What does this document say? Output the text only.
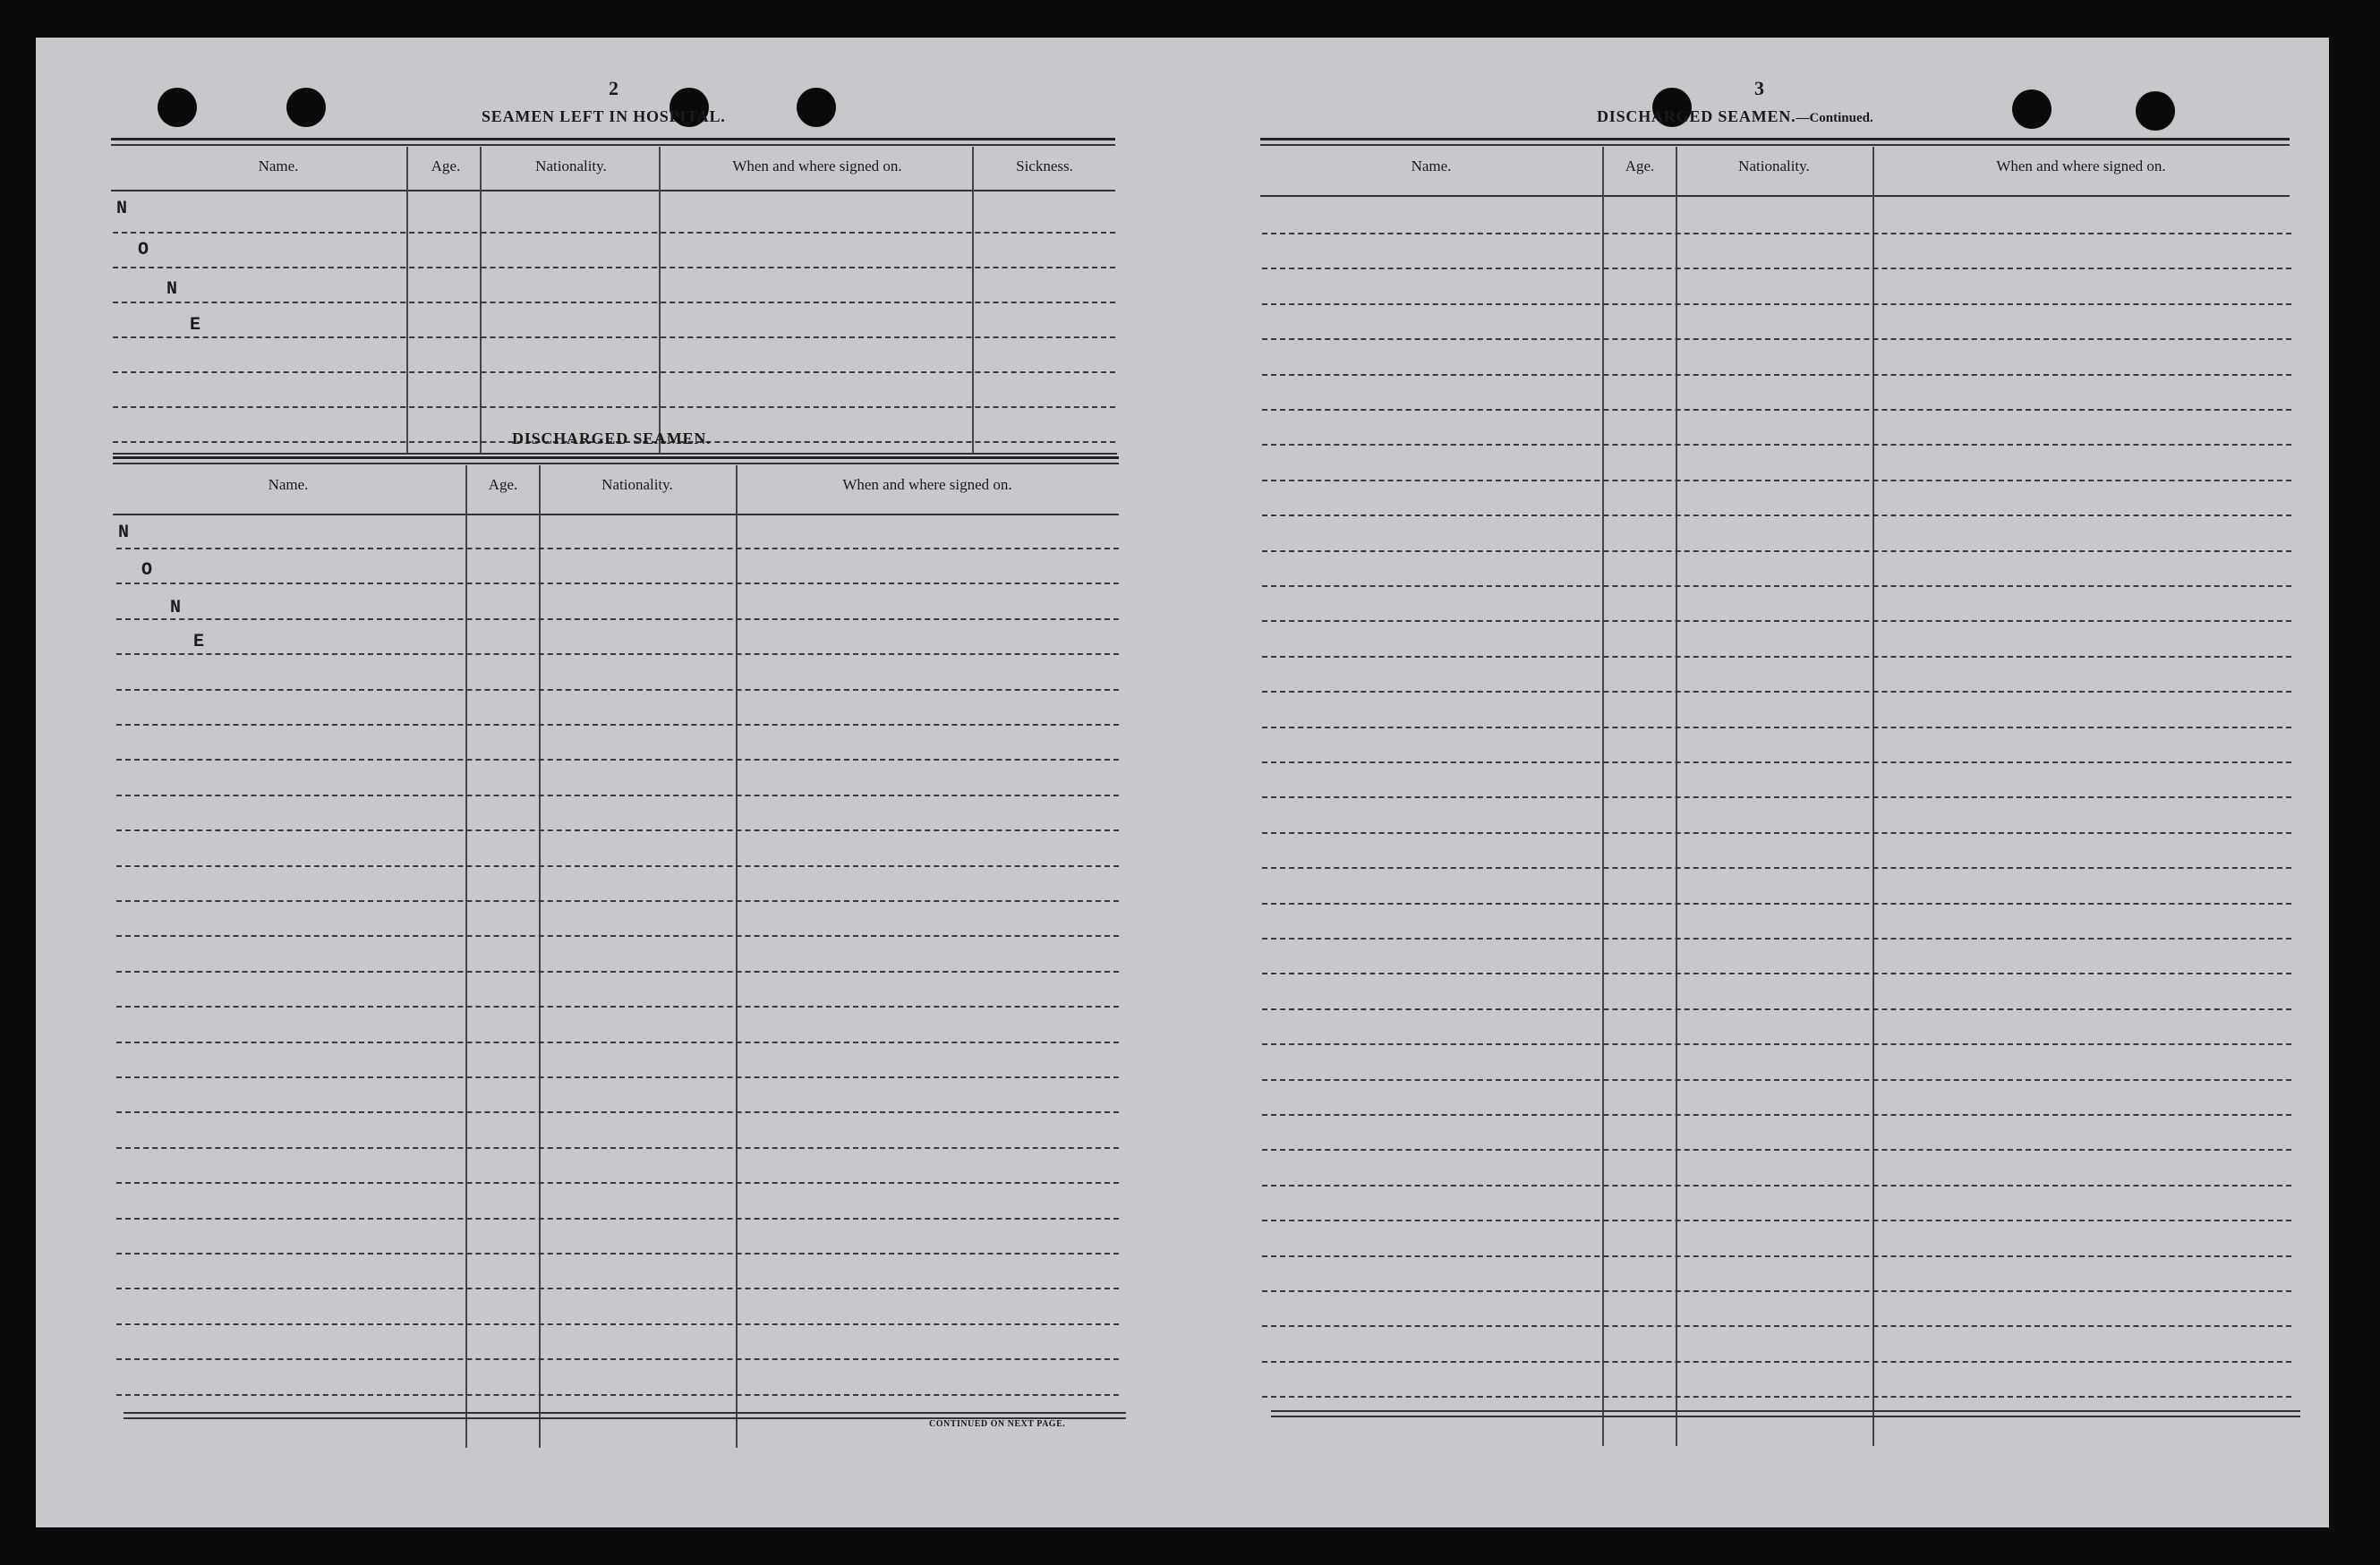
2
SEAMEN LEFT IN HOSPITAL.
Name.	Age.	Nationality.	When and where signed on.	Sickness.
N
O
N
E
DISCHARGED SEAMEN.
Name.	Age.	Nationality.	When and where signed on.
N
O
N
E
CONTINUED ON NEXT PAGE.
3
DISCHARGED SEAMEN.—Continued.
Name.	Age.	Nationality.	When and where signed on.
